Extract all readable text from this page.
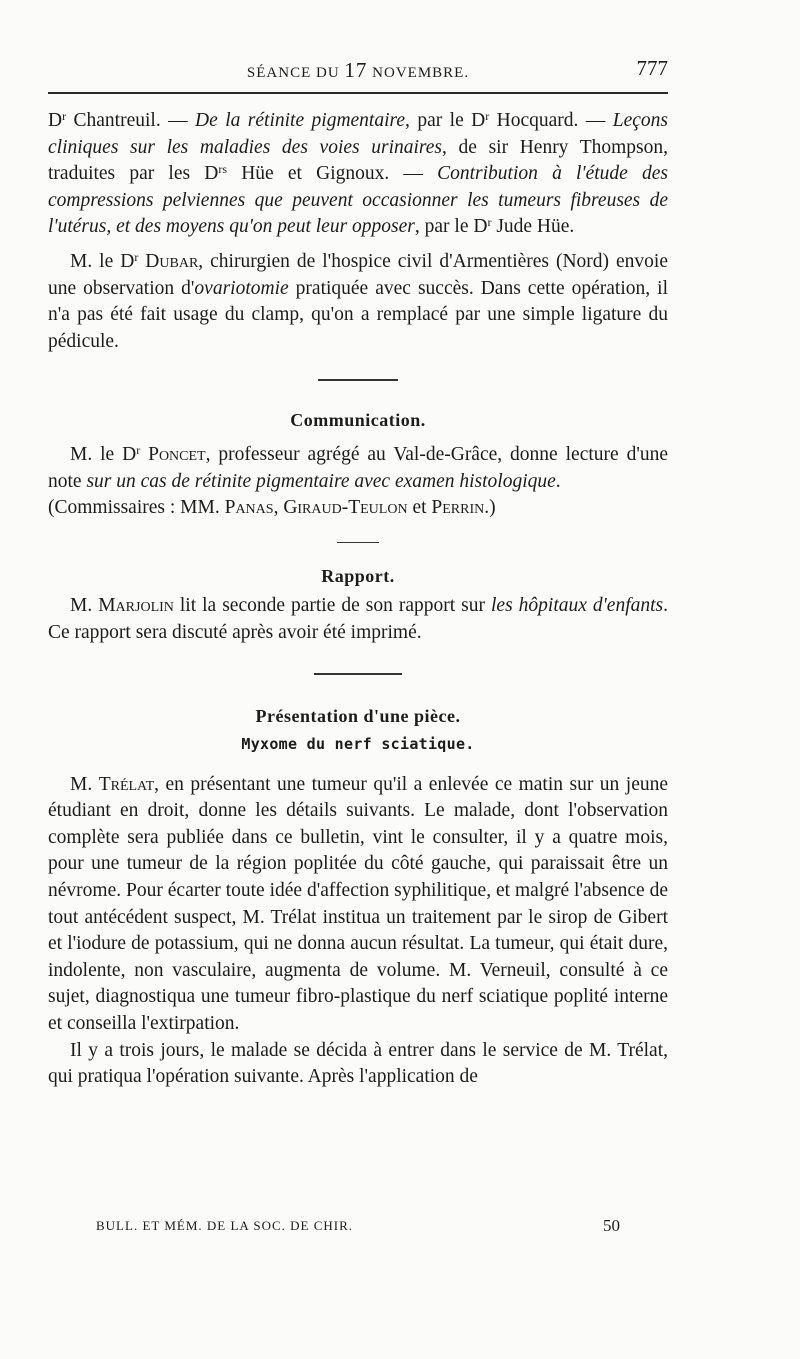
SÉANCE DU 17 NOVEMBRE.	777

$D^r$ Chantreuil. — De la rétinite pigmentaire, par le $D^r$ Hocquard. — Leçons cliniques sur les maladies des voies urinaires, de sir Henry Thompson, traduites par les $D^{rs}$ Hüe et Gignoux. — Contribution à l'étude des compressions pelviennes que peuvent occasionner les tumeurs fibreuses de l'utérus, et des moyens qu'on peut leur opposer, par le $D^r$ Jude Hüe.

M. le $D^r$ Dubar, chirurgien de l'hospice civil d'Armentières (Nord) envoie une observation d'ovariotomie pratiquée avec succès. Dans cette opération, il n'a pas été fait usage du clamp, qu'on a remplacé par une simple ligature du pédicule.

Communication.

M. le $D^r$ Poncet, professeur agrégé au Val-de-Grâce, donne lecture d'une note sur un cas de rétinite pigmentaire avec examen histologique.

(Commissaires : MM. Panas, Giraud-Teulon et Perrin.)

Rapport.

M. Marjolin lit la seconde partie de son rapport sur les hôpitaux d'enfants. Ce rapport sera discuté après avoir été imprimé.

Présentation d'une pièce.

Myxome du nerf sciatique.

M. Trélat, en présentant une tumeur qu'il a enlevée ce matin sur un jeune étudiant en droit, donne les détails suivants. Le malade, dont l'observation complète sera publiée dans ce bulletin, vint le consulter, il y a quatre mois, pour une tumeur de la région poplitée du côté gauche, qui paraissait être un névrome. Pour écarter toute idée d'affection syphilitique, et malgré l'absence de tout antécédent suspect, M. Trélat institua un traitement par le sirop de Gibert et l'iodure de potassium, qui ne donna aucun résultat. La tumeur, qui était dure, indolente, non vasculaire, augmenta de volume. M. Verneuil, consulté à ce sujet, diagnostiqua une tumeur fibro-plastique du nerf sciatique poplité interne et conseilla l'extirpation.

Il y a trois jours, le malade se décida à entrer dans le service de M. Trélat, qui pratiqua l'opération suivante. Après l'application de

BULL. ET MÉM. DE LA SOC. DE CHIR.	50
